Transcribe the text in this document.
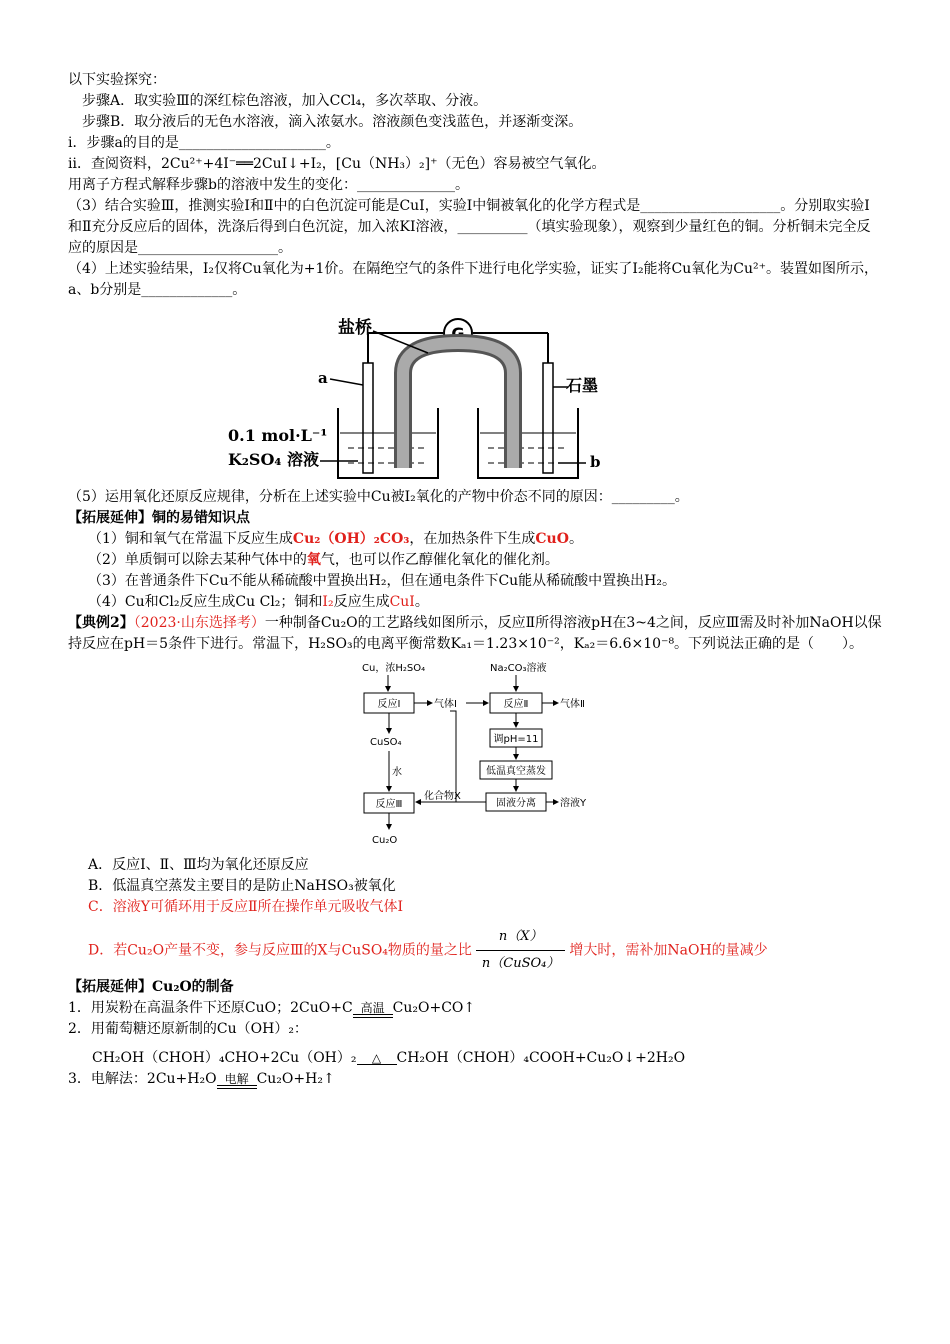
以下实验探究：
步骤A．取实验Ⅲ的深红棕色溶液，加入CCl₄，多次萃取、分液。
步骤B．取分液后的无色水溶液，滴入浓氨水。溶液颜色变浅蓝色，并逐渐变深。
ⅰ．步骤a的目的是_____________________。
ⅱ．查阅资料，2Cu²⁺+4I⁻══2CuI↓+I₂，[Cu（NH₃）₂]⁺（无色）容易被空气氧化。
用离子方程式解释步骤b的溶液中发生的变化：______________。
（3）结合实验Ⅲ，推测实验Ⅰ和Ⅱ中的白色沉淀可能是CuI，实验Ⅰ中铜被氧化的化学方程式是____________________。分别取实验Ⅰ和Ⅱ充分反应后的固体，洗涤后得到白色沉淀，加入浓KI溶液，__________（填实验现象），观察到少量红色的铜。分析铜未完全反应的原因是____________________。
（4）上述实验结果，I₂仅将Cu氧化为+1价。在隔绝空气的条件下进行电化学实验，证实了I₂能将Cu氧化为Cu²⁺。装置如图所示，a、b分别是_____________。
G
盐桥
a	石墨
0.1 mol·L⁻¹
K₂SO₄ 溶液	b
（5）运用氧化还原反应规律，分析在上述实验中Cu被I₂氧化的产物中价态不同的原因：_________。
【拓展延伸】铜的易错知识点
（1）铜和氧气在常温下反应生成Cu₂（OH）₂CO₃，在加热条件下生成CuO。
（2）单质铜可以除去某种气体中的氧气，也可以作乙醇催化氧化的催化剂。
（3）在普通条件下Cu不能从稀硫酸中置换出H₂，但在通电条件下Cu能从稀硫酸中置换出H₂。
（4）Cu和Cl₂反应生成Cu Cl₂；铜和I₂反应生成CuI。
【典例2】（2023·山东选择考）一种制备Cu₂O的工艺路线如图所示，反应Ⅱ所得溶液pH在3~4之间，反应Ⅲ需及时补加NaOH以保持反应在pH＝5条件下进行。常温下，H₂SO₃的电离平衡常数Kₐ₁＝1.23×10⁻²，Kₐ₂＝6.6×10⁻⁸。下列说法正确的是（　　）。
Cu，浓H₂SO₄
反应Ⅰ	气体Ⅰ
Na₂CO₃溶液
反应Ⅱ	气体Ⅱ
调pH=11
低温真空蒸发
固液分离 溶液Y
CuSO₄
水
反应Ⅲ
化合物X
Cu₂O
A．反应Ⅰ、Ⅱ、Ⅲ均为氧化还原反应
B．低温真空蒸发主要目的是防止NaHSO₃被氧化
C．溶液Y可循环用于反应Ⅱ所在操作单元吸收气体Ⅰ
D．若Cu₂O产量不变，参与反应Ⅲ的X与CuSO₄物质的量之比 $\frac{n(X)}{\text{n（CuSO₄）}}$ 增大时，需补加NaOH的量减少
【拓展延伸】Cu₂O的制备
1．用炭粉在高温条件下还原CuO；2CuO+C 高温 Cu₂O+CO↑
2．用葡萄糖还原新制的Cu（OH）₂：
CH₂OH（CHOH）₄CHO+2Cu（OH）₂	△	CH₂OH（CHOH）₄COOH+Cu₂O↓+2H₂O
3．电解法：2Cu+H₂O 电解 Cu₂O+H₂↑
